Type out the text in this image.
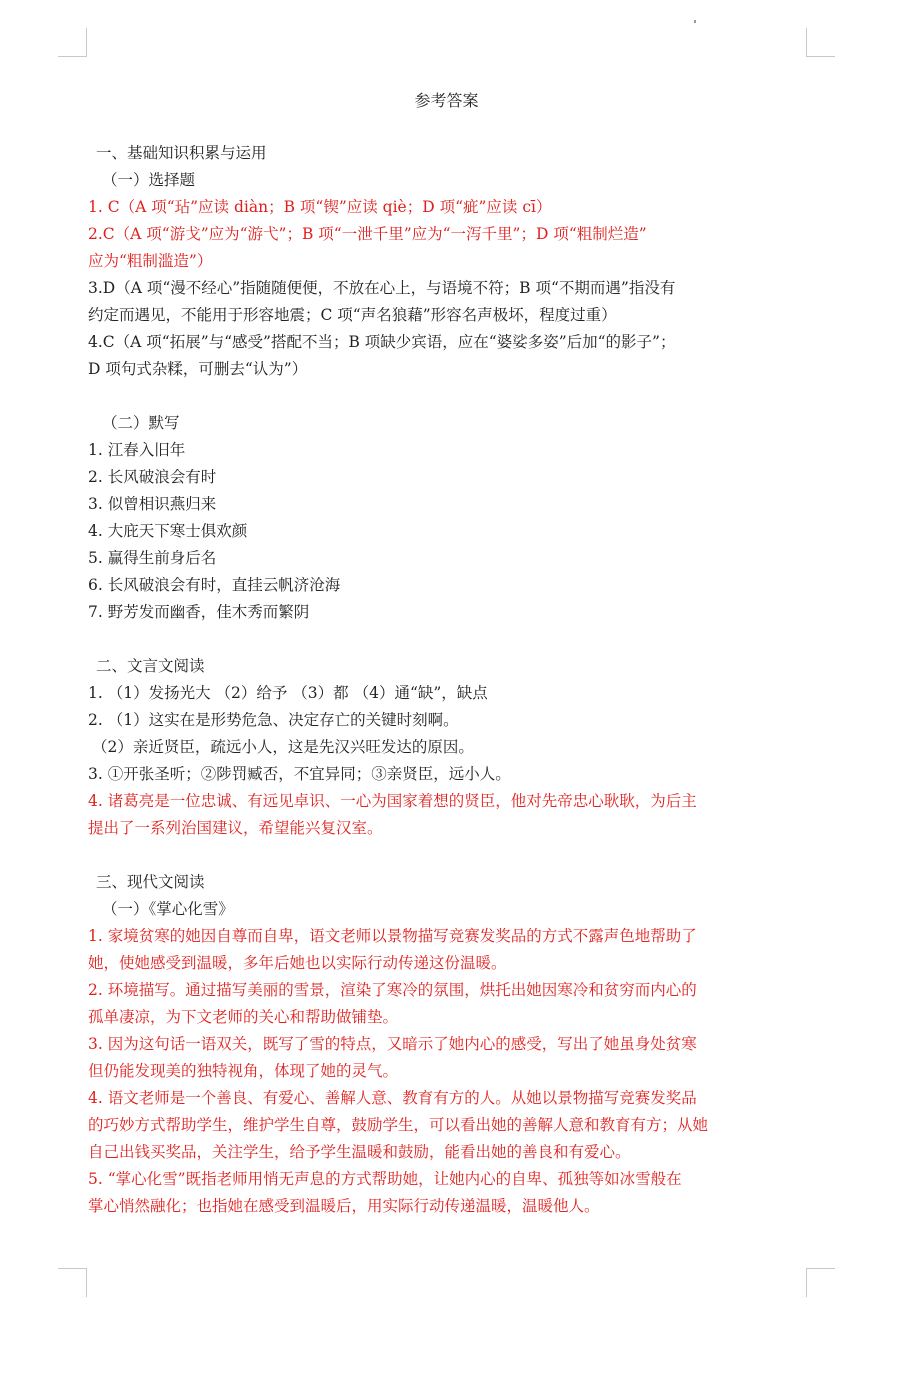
参考答案
一、基础知识积累与运用
（一）选择题
1. C（A 项“玷”应读 diàn；B 项“锲”应读 qiè；D 项“疵”应读 cī）
2.C（A 项“游戈”应为“游弋”；B 项“一泄千里”应为“一泻千里”；D 项“粗制烂造”
应为“粗制滥造”）
3.D（A 项“漫不经心”指随随便便，不放在心上，与语境不符；B 项“不期而遇”指没有
约定而遇见，不能用于形容地震；C 项“声名狼藉”形容名声极坏，程度过重）
4.C（A 项“拓展”与“感受”搭配不当；B 项缺少宾语，应在“婆娑多姿”后加“的影子”；
D 项句式杂糅，可删去“认为”）
（二）默写
1. 江春入旧年
2. 长风破浪会有时
3. 似曾相识燕归来
4. 大庇天下寒士俱欢颜
5. 赢得生前身后名
6. 长风破浪会有时，直挂云帆济沧海
7. 野芳发而幽香，佳木秀而繁阴
二、文言文阅读
1. （1）发扬光大 （2）给予 （3）都 （4）通“缺”，缺点
2. （1）这实在是形势危急、决定存亡的关键时刻啊。
（2）亲近贤臣，疏远小人，这是先汉兴旺发达的原因。
3. ①开张圣听；②陟罚臧否，不宜异同；③亲贤臣，远小人。
4. 诸葛亮是一位忠诚、有远见卓识、一心为国家着想的贤臣，他对先帝忠心耿耿，为后主
提出了一系列治国建议，希望能兴复汉室。
三、现代文阅读
（一）《掌心化雪》
1. 家境贫寒的她因自尊而自卑，语文老师以景物描写竞赛发奖品的方式不露声色地帮助了
她，使她感受到温暖，多年后她也以实际行动传递这份温暖。
2. 环境描写。通过描写美丽的雪景，渲染了寒冷的氛围，烘托出她因寒冷和贫穷而内心的
孤单凄凉，为下文老师的关心和帮助做铺垫。
3. 因为这句话一语双关，既写了雪的特点，又暗示了她内心的感受，写出了她虽身处贫寒
但仍能发现美的独特视角，体现了她的灵气。
4. 语文老师是一个善良、有爱心、善解人意、教育有方的人。从她以景物描写竞赛发奖品
的巧妙方式帮助学生，维护学生自尊，鼓励学生，可以看出她的善解人意和教育有方；从她
自己出钱买奖品，关注学生，给予学生温暖和鼓励，能看出她的善良和有爱心。
5. “掌心化雪”既指老师用悄无声息的方式帮助她，让她内心的自卑、孤独等如冰雪般在
掌心悄然融化；也指她在感受到温暖后，用实际行动传递温暖，温暖他人。
